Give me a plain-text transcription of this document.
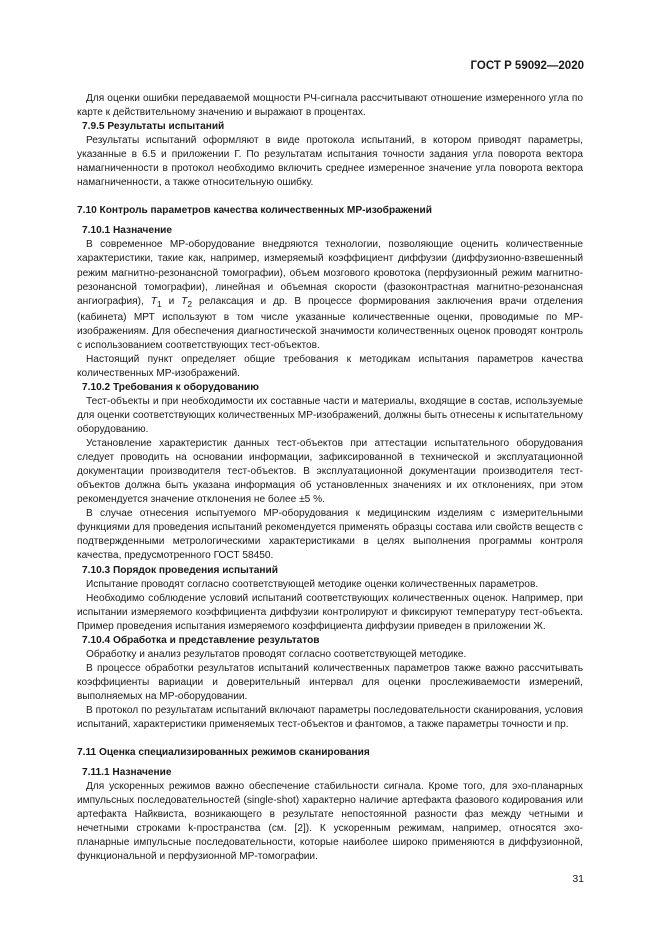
ГОСТ Р 59092—2020

Для оценки ошибки передаваемой мощности РЧ-сигнала рассчитывают отношение измеренного угла по карте к действительному значению и выражают в процентах.

7.9.5 Результаты испытаний

Результаты испытаний оформляют в виде протокола испытаний, в котором приводят параметры, указанные в 6.5 и приложении Г. По результатам испытания точности задания угла поворота вектора намагниченности в протокол необходимо включить среднее измеренное значение угла поворота вектора намагниченности, а также относительную ошибку.

7.10 Контроль параметров качества количественных МР-изображений

7.10.1 Назначение

В современное МР-оборудование внедряются технологии, позволяющие оценить количественные характеристики, такие как, например, измеряемый коэффициент диффузии (диффузионно-взвешенный режим магнитно-резонансной томографии), объем мозгового кровотока (перфузионный режим магнитно-резонансной томографии), линейная и объемная скорости (фазоконтрастная магнитно-резонансная ангиография), $T_1$ и $T_2$ релаксация и др. В процессе формирования заключения врачи отделения (кабинета) МРТ используют в том числе указанные количественные оценки, проводимые по МР-изображениям. Для обеспечения диагностической значимости количественных оценок проводят контроль с использованием соответствующих тест-объектов.

Настоящий пункт определяет общие требования к методикам испытания параметров качества количественных МР-изображений.

7.10.2 Требования к оборудованию

Тест-объекты и при необходимости их составные части и материалы, входящие в состав, используемые для оценки соответствующих количественных МР-изображений, должны быть отнесены к испытательному оборудованию.

Установление характеристик данных тест-объектов при аттестации испытательного оборудования следует проводить на основании информации, зафиксированной в технической и эксплуатационной документации производителя тест-объектов. В эксплуатационной документации производителя тест-объектов должна быть указана информация об установленных значениях и их отклонениях, при этом рекомендуется значение отклонения не более ±5 %.

В случае отнесения испытуемого МР-оборудования к медицинским изделиям с измерительными функциями для проведения испытаний рекомендуется применять образцы состава или свойств веществ с подтвержденными метрологическими характеристиками в целях выполнения программы контроля качества, предусмотренного ГОСТ 58450.

7.10.3 Порядок проведения испытаний

Испытание проводят согласно соответствующей методике оценки количественных параметров.

Необходимо соблюдение условий испытаний соответствующих количественных оценок. Например, при испытании измеряемого коэффициента диффузии контролируют и фиксируют температуру тест-объекта. Пример проведения испытания измеряемого коэффициента диффузии приведен в приложении Ж.

7.10.4 Обработка и представление результатов

Обработку и анализ результатов проводят согласно соответствующей методике.

В процессе обработки результатов испытаний количественных параметров также важно рассчитывать коэффициенты вариации и доверительный интервал для оценки прослеживаемости измерений, выполняемых на МР-оборудовании.

В протокол по результатам испытаний включают параметры последовательности сканирования, условия испытаний, характеристики применяемых тест-объектов и фантомов, а также параметры точности и пр.

7.11 Оценка специализированных режимов сканирования

7.11.1 Назначение

Для ускоренных режимов важно обеспечение стабильности сигнала. Кроме того, для эхо-планарных импульсных последовательностей (single-shot) характерно наличие артефакта фазового кодирования или артефакта Найквиста, возникающего в результате непостоянной разности фаз между четными и нечетными строками k-пространства (см. [2]). К ускоренным режимам, например, относятся эхо-планарные импульсные последовательности, которые наиболее широко применяются в диффузионной, функциональной и перфузионной МР-томографии.

31
